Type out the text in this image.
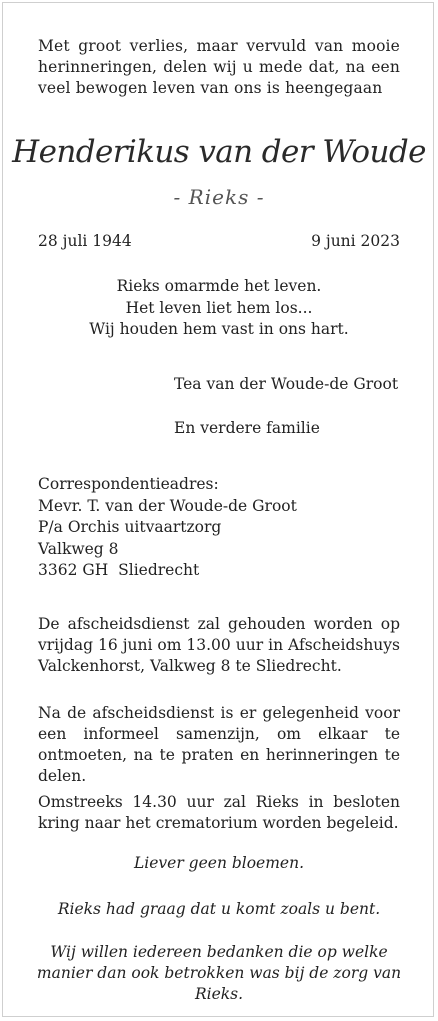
Met groot verlies, maar vervuld van mooie herinneringen, delen wij u mede dat, na een veel bewogen leven van ons is heengegaan
Henderikus van der Woude
- Rieks -
28 juli 1944	9 juni 2023
Rieks omarmde het leven.
Het leven liet hem los...
Wij houden hem vast in ons hart.
Tea van der Woude-de Groot
En verdere familie
Correspondentieadres:
Mevr. T. van der Woude-de Groot
P/a Orchis uitvaartzorg
Valkweg 8
3362 GH  Sliedrecht
De afscheidsdienst zal gehouden worden op vrijdag 16 juni om 13.00 uur in Afscheidshuys Valckenhorst, Valkweg 8 te Sliedrecht.
Na de afscheidsdienst is er gelegenheid voor een informeel samenzijn, om elkaar te ontmoeten, na te praten en herinneringen te delen.
Omstreeks 14.30 uur zal Rieks in besloten kring naar het crematorium worden begeleid.
Liever geen bloemen.
Rieks had graag dat u komt zoals u bent.
Wij willen iedereen bedanken die op welke manier dan ook betrokken was bij de zorg van Rieks.
